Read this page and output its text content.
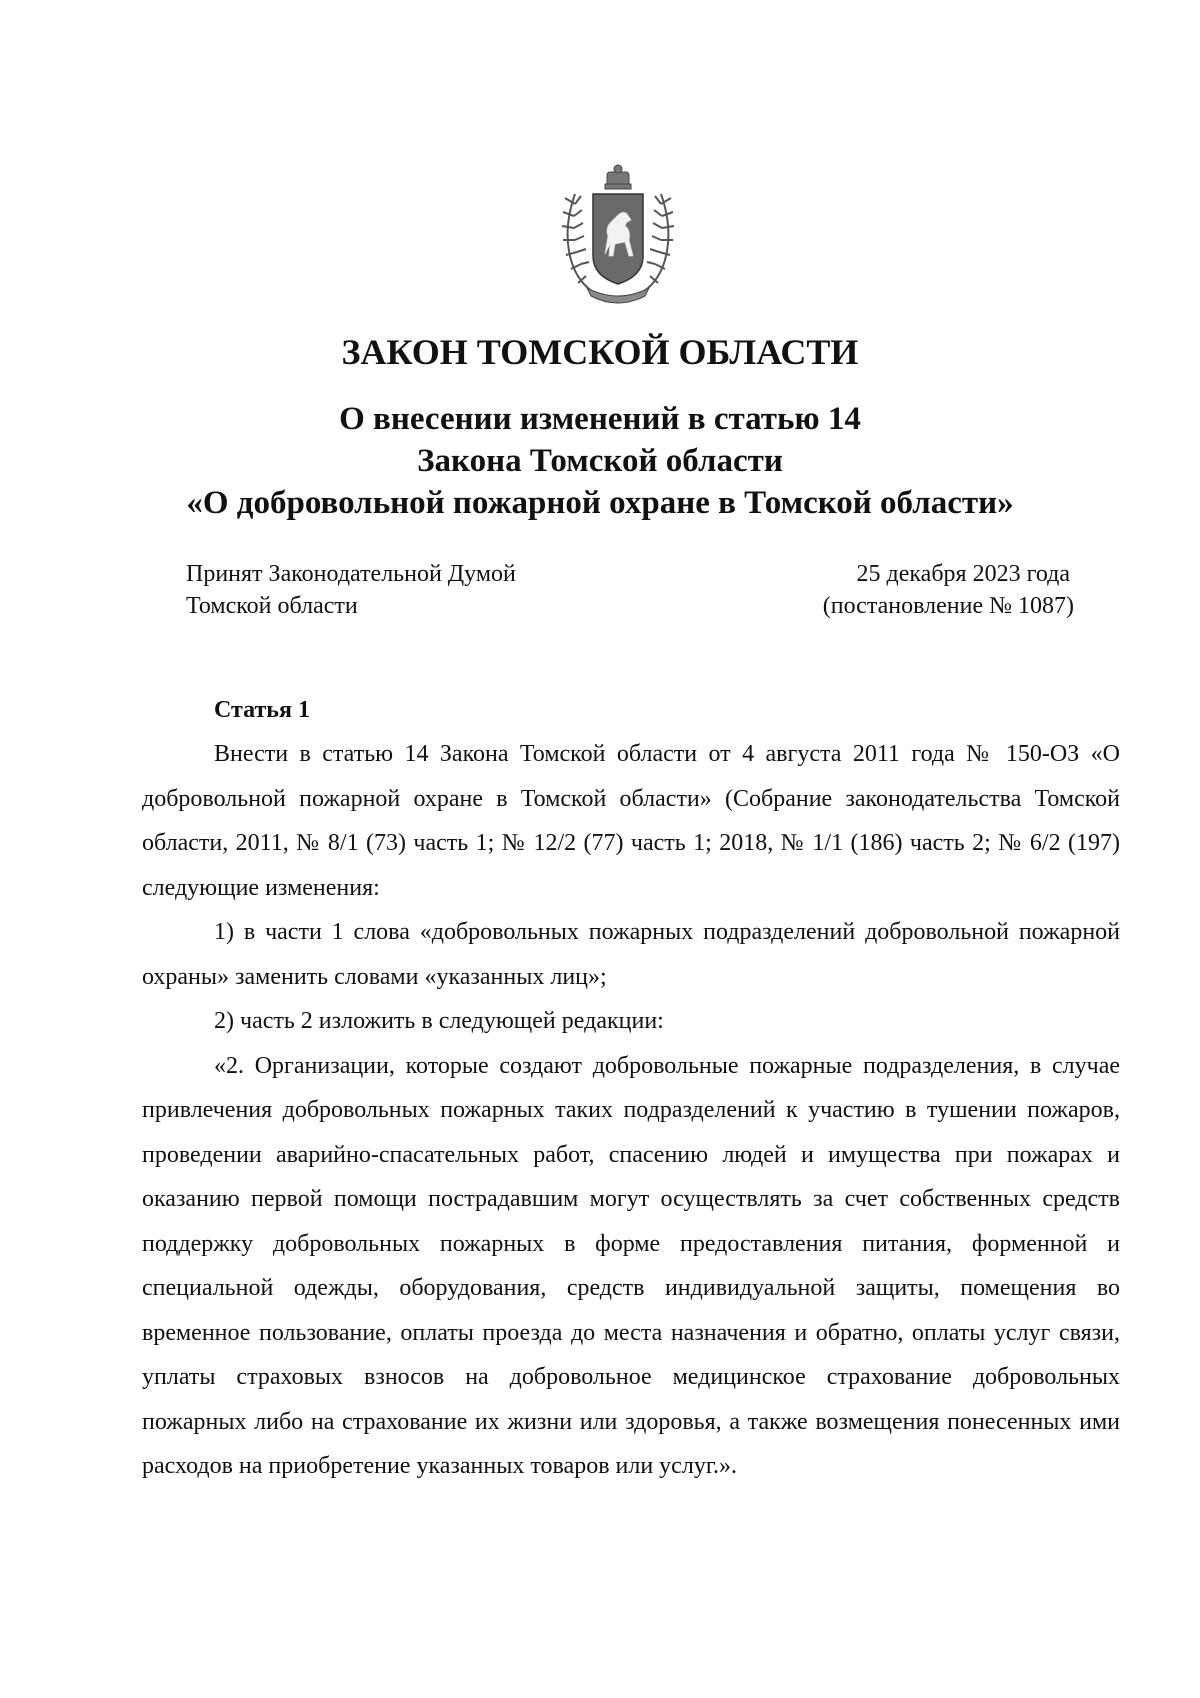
ЗАКОН ТОМСКОЙ ОБЛАСТИ
О внесении изменений в статью 14
Закона Томской области
«О добровольной пожарной охране в Томской области»
Принят Законодательной Думой
Томской области
25 декабря 2023 года
(постановление № 1087)
Статья 1

Внести в статью 14 Закона Томской области от 4 августа 2011 года № 150-ОЗ «О добровольной пожарной охране в Томской области» (Собрание законодательства Томской области, 2011, № 8/1 (73) часть 1; № 12/2 (77) часть 1; 2018, № 1/1 (186) часть 2; № 6/2 (197) следующие изменения:

1) в части 1 слова «добровольных пожарных подразделений добровольной пожарной охраны» заменить словами «указанных лиц»;

2) часть 2 изложить в следующей редакции:

«2. Организации, которые создают добровольные пожарные подразделения, в случае привлечения добровольных пожарных таких подразделений к участию в тушении пожаров, проведении аварийно-спасательных работ, спасению людей и имущества при пожарах и оказанию первой помощи пострадавшим могут осуществлять за счет собственных средств поддержку добровольных пожарных в форме предоставления питания, форменной и специальной одежды, оборудования, средств индивидуальной защиты, помещения во временное пользование, оплаты проезда до места назначения и обратно, оплаты услуг связи, уплаты страховых взносов на добровольное медицинское страхование добровольных пожарных либо на страхование их жизни или здоровья, а также возмещения понесенных ими расходов на приобретение указанных товаров или услуг.».
